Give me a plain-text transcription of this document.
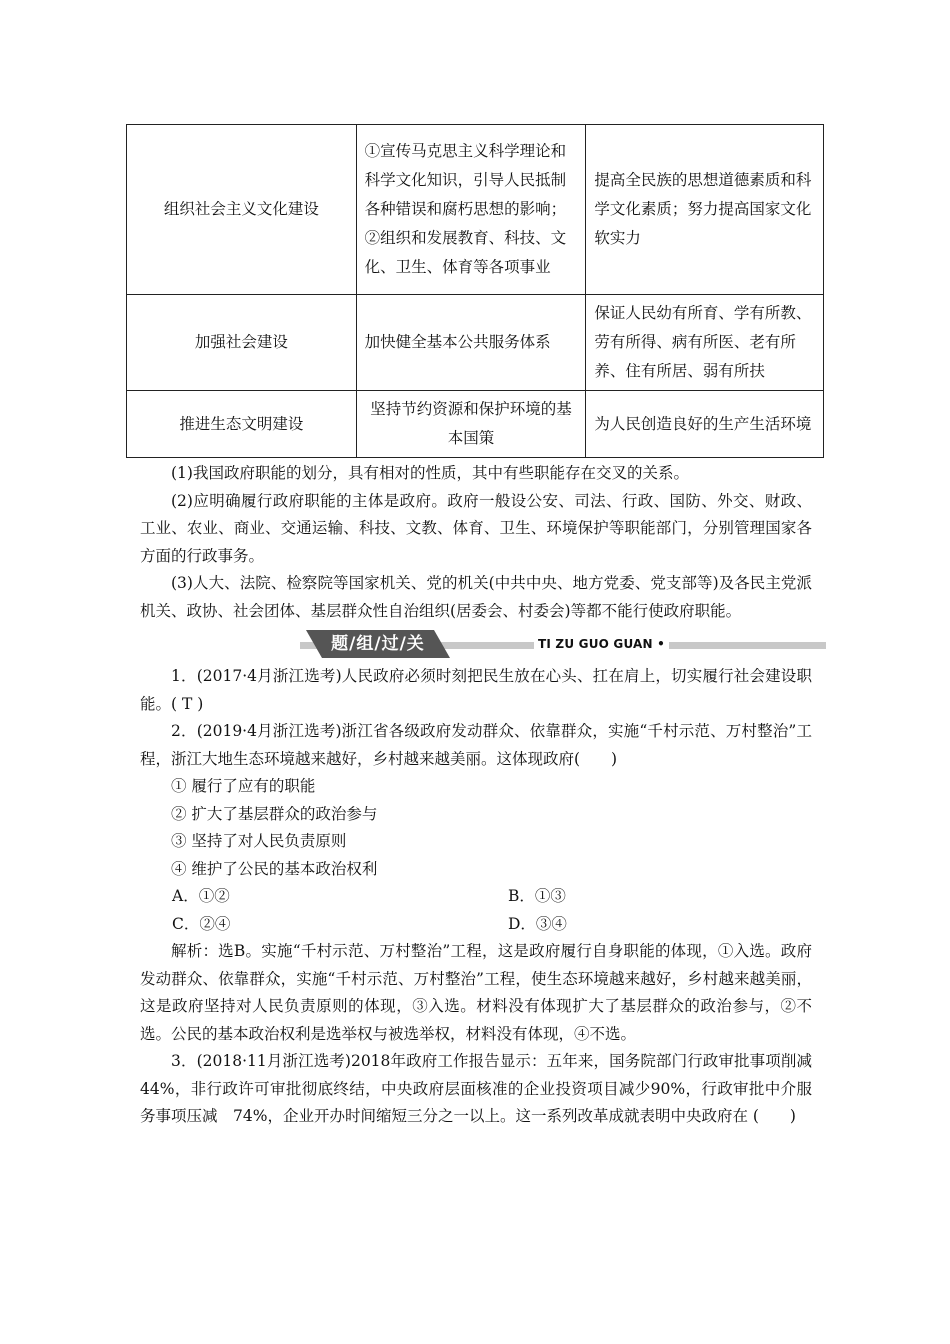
组织社会主义文化建设	①宣传马克思主义科学理论和科学文化知识，引导人民抵制各种错误和腐朽思想的影响；②组织和发展教育、科技、文化、卫生、体育等各项事业	提高全民族的思想道德素质和科学文化素质；努力提高国家文化软实力
加强社会建设	加快健全基本公共服务体系	保证人民幼有所育、学有所教、劳有所得、病有所医、老有所养、住有所居、弱有所扶
推进生态文明建设	坚持节约资源和保护环境的基本国策	为人民创造良好的生产生活环境

(1)我国政府职能的划分，具有相对的性质，其中有些职能存在交叉的关系。

(2)应明确履行政府职能的主体是政府。政府一般设公安、司法、行政、国防、外交、财政、工业、农业、商业、交通运输、科技、文教、体育、卫生、环境保护等职能部门，分别管理国家各方面的行政事务。

(3)人大、法院、检察院等国家机关、党的机关(中共中央、地方党委、党支部等)及各民主党派机关、政协、社会团体、基层群众性自治组织(居委会、村委会)等都不能行使政府职能。

题/组/过/关	TI ZU GUO GUAN •

1．(2017·4月浙江选考)人民政府必须时刻把民生放在心头、扛在肩上，切实履行社会建设职能。( T )

2．(2019·4月浙江选考)浙江省各级政府发动群众、依靠群众，实施“千村示范、万村整治”工程，浙江大地生态环境越来越好，乡村越来越美丽。这体现政府(　　)

① 履行了应有的职能

② 扩大了基层群众的政治参与

③ 坚持了对人民负责原则

④ 维护了公民的基本政治权利

A．①②	B．①③
C．②④	D．③④

解析：选B。实施“千村示范、万村整治”工程，这是政府履行自身职能的体现，①入选。政府发动群众、依靠群众，实施“千村示范、万村整治”工程，使生态环境越来越好，乡村越来越美丽，这是政府坚持对人民负责原则的体现，③入选。材料没有体现扩大了基层群众的政治参与，②不选。公民的基本政治权利是选举权与被选举权，材料没有体现，④不选。

3．(2018·11月浙江选考)2018年政府工作报告显示：五年来，国务院部门行政审批事项削减44%，非行政许可审批彻底终结，中央政府层面核准的企业投资项目减少90%，行政审批中介服务事项压减　74%，企业开办时间缩短三分之一以上。这一系列改革成就表明中央政府在 (　　)
